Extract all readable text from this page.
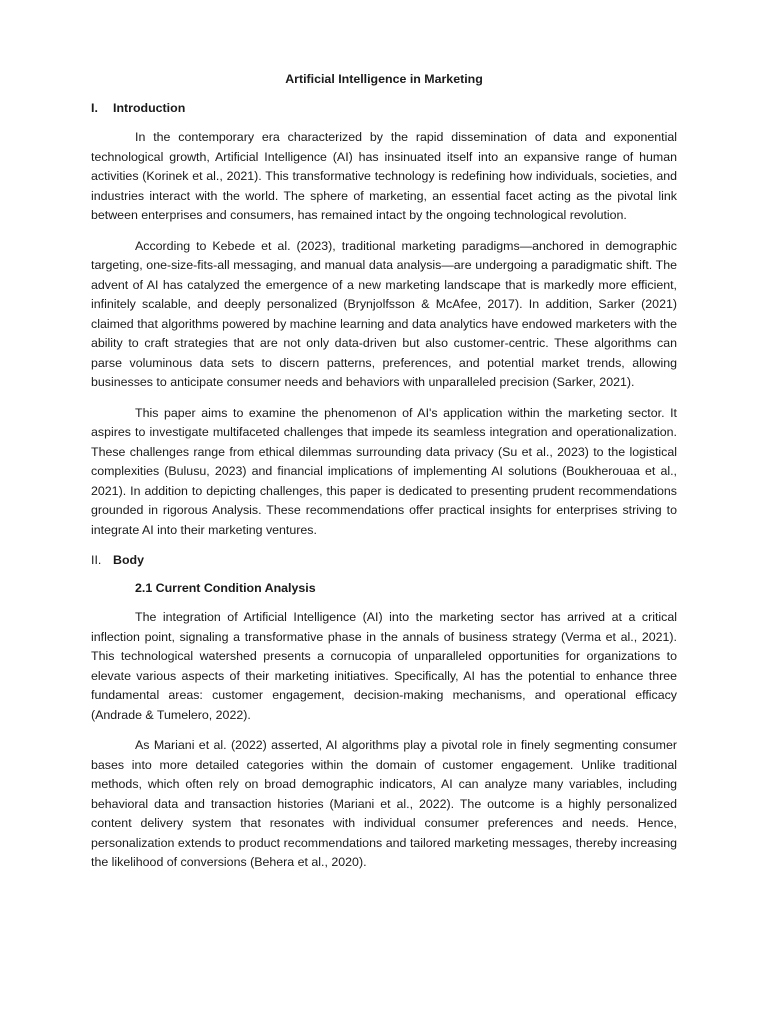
Artificial Intelligence in Marketing
I.	Introduction

In the contemporary era characterized by the rapid dissemination of data and exponential technological growth, Artificial Intelligence (AI) has insinuated itself into an expansive range of human activities (Korinek et al., 2021). This transformative technology is redefining how individuals, societies, and industries interact with the world. The sphere of marketing, an essential facet acting as the pivotal link between enterprises and consumers, has remained intact by the ongoing technological revolution.

According to Kebede et al. (2023), traditional marketing paradigms—anchored in demographic targeting, one-size-fits-all messaging, and manual data analysis—are undergoing a paradigmatic shift. The advent of AI has catalyzed the emergence of a new marketing landscape that is markedly more efficient, infinitely scalable, and deeply personalized (Brynjolfsson & McAfee, 2017). In addition, Sarker (2021) claimed that algorithms powered by machine learning and data analytics have endowed marketers with the ability to craft strategies that are not only data-driven but also customer-centric. These algorithms can parse voluminous data sets to discern patterns, preferences, and potential market trends, allowing businesses to anticipate consumer needs and behaviors with unparalleled precision (Sarker, 2021).

This paper aims to examine the phenomenon of AI's application within the marketing sector. It aspires to investigate multifaceted challenges that impede its seamless integration and operationalization. These challenges range from ethical dilemmas surrounding data privacy (Su et al., 2023) to the logistical complexities (Bulusu, 2023) and financial implications of implementing AI solutions (Boukherouaa et al., 2021). In addition to depicting challenges, this paper is dedicated to presenting prudent recommendations grounded in rigorous Analysis. These recommendations offer practical insights for enterprises striving to integrate AI into their marketing ventures.

II. Body
2.1 Current Condition Analysis

The integration of Artificial Intelligence (AI) into the marketing sector has arrived at a critical inflection point, signaling a transformative phase in the annals of business strategy (Verma et al., 2021). This technological watershed presents a cornucopia of unparalleled opportunities for organizations to elevate various aspects of their marketing initiatives. Specifically, AI has the potential to enhance three fundamental areas: customer engagement, decision-making mechanisms, and operational efficacy (Andrade & Tumelero, 2022).

As Mariani et al. (2022) asserted, AI algorithms play a pivotal role in finely segmenting consumer bases into more detailed categories within the domain of customer engagement. Unlike traditional methods, which often rely on broad demographic indicators, AI can analyze many variables, including behavioral data and transaction histories (Mariani et al., 2022). The outcome is a highly personalized content delivery system that resonates with individual consumer preferences and needs. Hence, personalization extends to product recommendations and tailored marketing messages, thereby increasing the likelihood of conversions (Behera et al., 2020).
